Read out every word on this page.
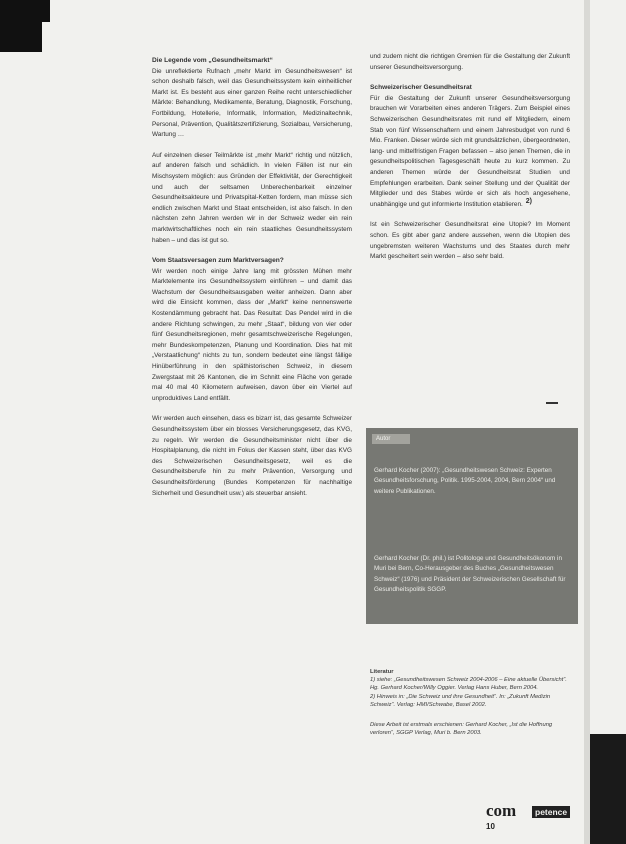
Die Legende vom „Gesundheitsmarkt“

Die unreflektierte Rufnach „mehr Markt im Gesundheitswesen“ ist schon deshalb falsch, weil das Gesundheitssystem kein einheitlicher Markt ist. Es besteht aus einer ganzen Reihe recht unterschiedlicher Märkte: Behandlung, Medikamente, Beratung, Diagnostik, Forschung, Fortbildung, Hotellerie, Informatik, Information, Medizinaltechnik, Personal, Prävention, Qualitätszertifizierung, Sozialbau, Versicherung, Wartung …

Auf einzelnen dieser Teilmärkte ist „mehr Markt“ richtig und nützlich, auf anderen falsch und schädlich. In vielen Fällen ist nur ein Mischsystem möglich: aus Gründen der Effektivität, der Gerechtigkeit und auch der seltsamen Unberechenbarkeit einzelner Gesundheitsakteure und Privatspital-Ketten fordern, man müsse sich endlich zwischen Markt und Staat entscheiden, ist also falsch. In den nächsten zehn Jahren werden wir in der Schweiz weder ein rein marktwirtschaftliches noch ein rein staatliches Gesundheitssystem haben – und das ist gut so.

Vom Staatsversagen zum Marktversagen?

Wir werden noch einige Jahre lang mit grössten Mühen mehr Marktelemente ins Gesundheitssystem einführen – und damit das Wachstum der Gesundheitsausgaben weiter anheizen. Dann aber wird die Einsicht kommen, dass der „Markt“ keine nennenswerte Kostendämmung gebracht hat. Das Resultat: Das Pendel wird in die andere Richtung schwingen, zu mehr „Staat“, bildung von vier oder fünf Gesundheitsregionen, mehr gesamtschweizerische Regelungen, mehr Bundeskompetenzen, Planung und Koordination. Dies hat mit „Verstaatlichung“ nichts zu tun, sondern bedeutet eine längst fällige Hinüberführung in den späthistorischen Schweiz, in diesem Zwergstaat mit 26 Kantonen, die im Schnitt eine Fläche von gerade mal 40 mal 40 Kilometern aufweisen, davon über ein Viertel auf unproduktives Land entfällt.

Wir werden auch einsehen, dass es bizarr ist, das gesamte Schweizer Gesundheitssystem über ein blosses Versicherungsgesetz, das KVG, zu regeln. Wir werden die Gesundheitsminister nicht über die Hospitalplanung, die nicht im Fokus der Kassen steht, über das KVG des Schweizerischen Gesundheitsgesetz, weil es die Gesundheitsberufe hin zu mehr Prävention, Versorgung und Gesundheitsförderung (Bundes Kompetenzen für nachhaltige Sicherheit und Gesundheit usw.) als steuerbar ansieht.

und zudem nicht die richtigen Gremien für die Gestaltung der Zukunft unserer Gesundheitsversorgung.

Schweizerischer Gesundheitsrat

Für die Gestaltung der Zukunft unserer Gesundheitsversorgung brauchen wir Vorarbeiten eines anderen Trägers. Zum Beispiel eines Schweizerischen Gesundheitsrates mit rund elf Mitgliedern, einem Stab von fünf Wissenschaftern und einem Jahresbudget von rund 6 Mio. Franken. Dieser würde sich mit grundsätzlichen, übergeordneten, lang- und mittelfristigen Fragen befassen – also jenen Themen, die in gesundheitspolitischen Tagesgeschäft heute zu kurz kommen. Zu anderen Themen würde der Gesundheitsrat Studien und Empfehlungen erarbeiten. Dank seiner Stellung und der Qualität der Mitglieder und des Stabes würde er sich als hoch angesehene, unabhängige und gut informierte Institution etablieren. 2)

Ist ein Schweizerischer Gesundheitsrat eine Utopie? Im Moment schon. Es gibt aber ganz andere aussehen, wenn die Utopien des ungebremsten weiteren Wachstums und des Staates durch mehr Markt gescheitert sein werden – also sehr bald.

Autor
Gerhard Kocher (2007): „Gesundheitswesen Schweiz: Experten Gesundheitsforschung, Politik. 1995-2004, 2004, Bern 2004“ und weitere Publikationen.
Gerhard Kocher (Dr. phil.) ist Politologe und Gesundheitsökonom in Muri bei Bern, Co-Herausgeber des Buches „Gesundheitswesen Schweiz“ (1976) und Präsident der Schweizerischen Gesellschaft für Gesundheitspolitik SGGP.
Literatur

1) siehe: „Gesundheitswesen Schweiz 2004-2006 – Eine aktuelle Übersicht“. Hg. Gerhard Kocher/Willy Oggier. Verlag Hans Huber, Bern 2004.

2) Hinweis in: „Die Schweiz und ihre Gesundheit“. In: „Zukunft Medizin Schweiz“. Verlag: HMI/Schwabe, Basel 2002.

Diese Arbeit ist erstmals erschienen: Gerhard Kocher, „Ist die Hoffnung verloren“, SGGP Verlag, Muri b. Bern 2003.

com	petence
10
